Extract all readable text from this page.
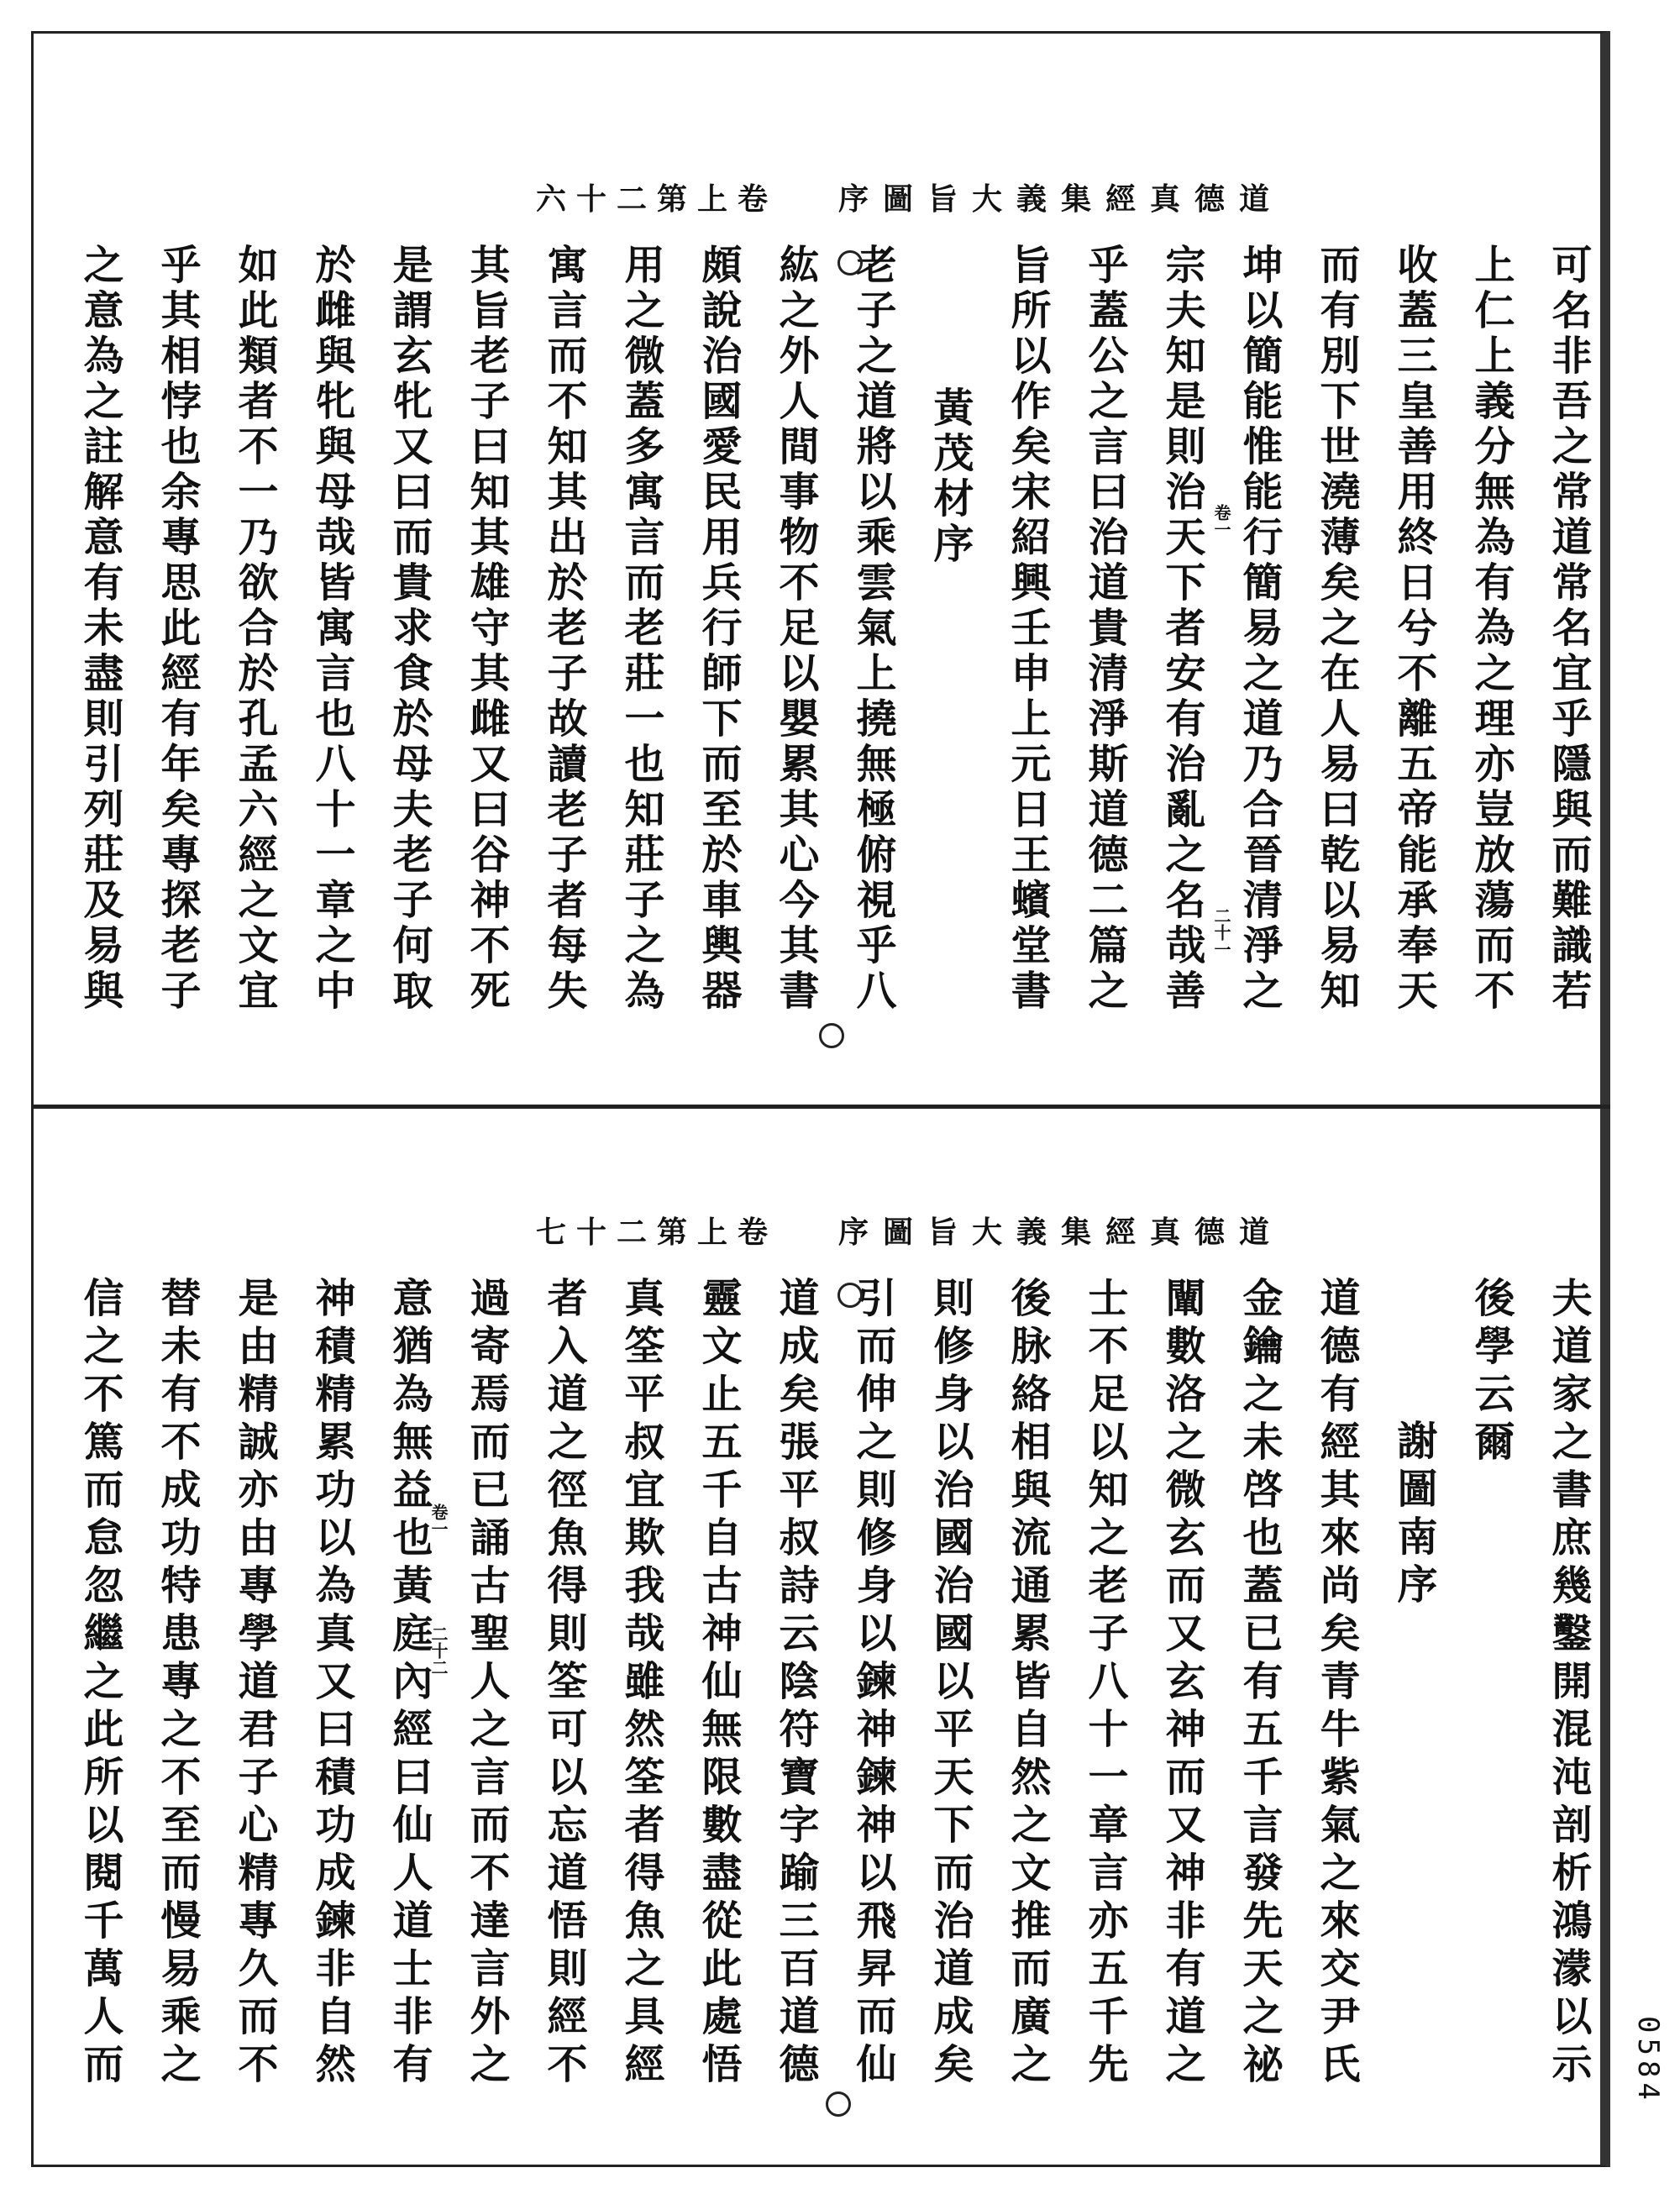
道德真經集義大旨圖序
卷上第二十六
可名非吾之常道常名宜乎隱與而難識若
上仁上義分無為有為之理亦豈放蕩而不
收蓋三皇善用終日兮不離五帝能承奉天
而有別下世澆薄矣之在人易曰乾以易知
坤以簡能惟能行簡易之道乃合晉清淨之
宗夫知是則治天下者安有治亂之名哉善
乎蓋公之言曰治道貴清淨斯道德二篇之
旨所以作矣宋紹興壬申上元日王蠙堂書
黃茂材序
老子之道將以乘雲氣上撓無極俯視乎八
紘之外人間事物不足以嬰累其心今其書
頗說治國愛民用兵行師下而至於車輿器
用之微蓋多寓言而老莊一也知莊子之為
寓言而不知其出於老子故讀老子者每失
其旨老子曰知其雄守其雌又曰谷神不死
是謂玄牝又曰而貴求食於母夫老子何取
於雌與牝與母哉皆寓言也八十一章之中
如此類者不一乃欲合於孔孟六經之文宜
乎其相悖也余專思此經有年矣專探老子
之意為之註解意有未盡則引列莊及易與	卷一
二十一
道德真經集義大旨圖序
卷上第二十七
夫道家之書庶幾鑿開混沌剖析鴻濛以示
後學云爾
謝圖南序
道德有經其來尚矣青牛紫氣之來交尹氏
金鑰之未啓也蓋已有五千言發先天之祕
闡數洛之微玄而又玄神而又神非有道之
士不足以知之老子八十一章言亦五千先
後脉絡相與流通累皆自然之文推而廣之
則修身以治國治國以平天下而治道成矣
引而伸之則修身以鍊神鍊神以飛昇而仙
道成矣張平叔詩云陰符寶字踰三百道德
靈文止五千自古神仙無限數盡從此處悟
真筌平叔宜欺我哉雖然筌者得魚之具經
者入道之徑魚得則筌可以忘道悟則經不
過寄焉而已誦古聖人之言而不達言外之
意猶為無益也黃庭內經曰仙人道士非有
神積精累功以為真又曰積功成鍊非自然
是由精誠亦由專學道君子心精專久而不
替未有不成功特患專之不至而慢易乘之
信之不篤而怠忽繼之此所以閱千萬人而	卷一
二十二
0584
